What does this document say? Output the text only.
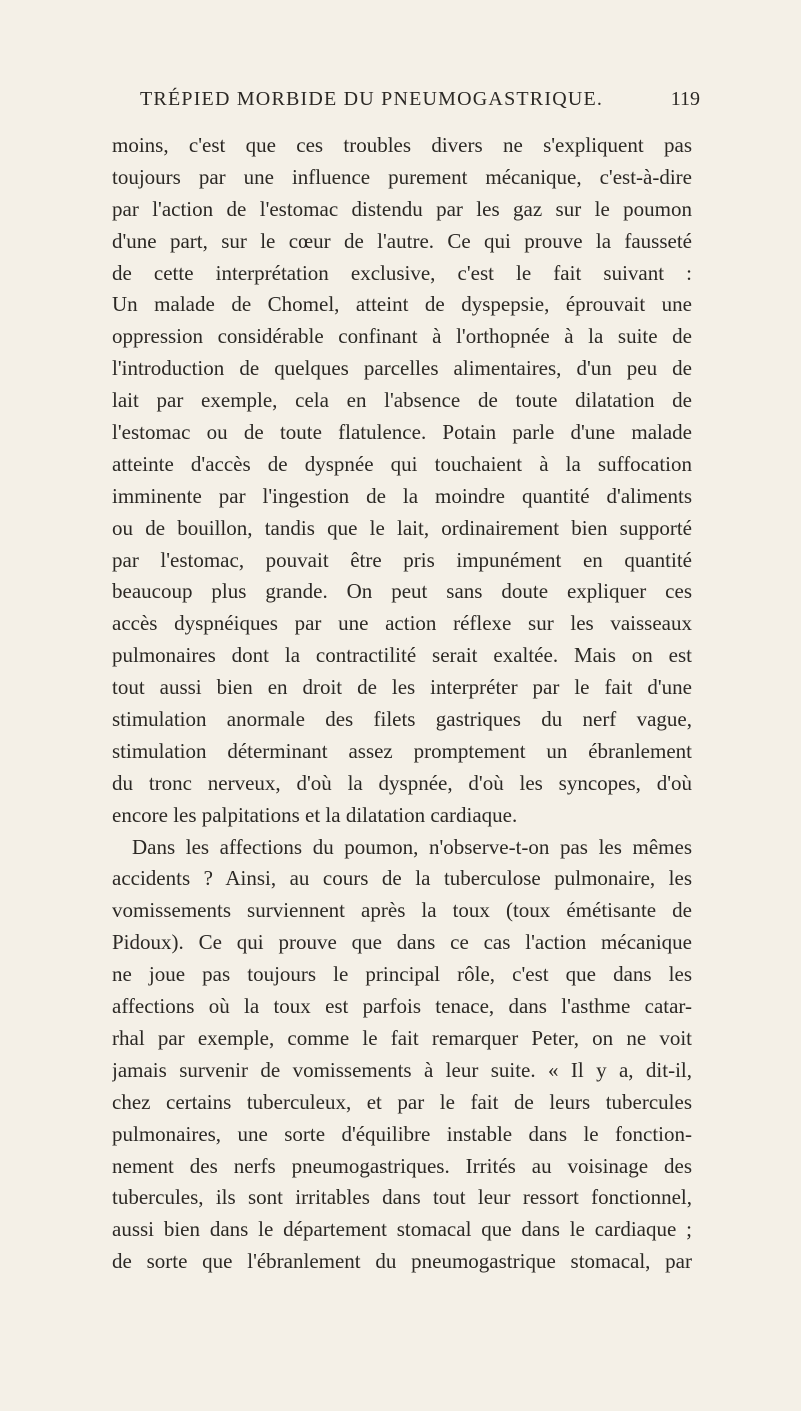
TRÉPIED MORBIDE DU PNEUMOGASTRIQUE.	119
moins, c'est que ces troubles divers ne s'expliquent pas
toujours par une influence purement mécanique, c'est-à-dire
par l'action de l'estomac distendu par les gaz sur le poumon
d'une part, sur le cœur de l'autre. Ce qui prouve la fausseté
de cette interprétation exclusive, c'est le fait suivant :
Un malade de Chomel, atteint de dyspepsie, éprouvait une
oppression considérable confinant à l'orthopnée à la suite de
l'introduction de quelques parcelles alimentaires, d'un peu de
lait par exemple, cela en l'absence de toute dilatation de
l'estomac ou de toute flatulence. Potain parle d'une malade
atteinte d'accès de dyspnée qui touchaient à la suffocation
imminente par l'ingestion de la moindre quantité d'aliments
ou de bouillon, tandis que le lait, ordinairement bien supporté
par l'estomac, pouvait être pris impunément en quantité
beaucoup plus grande. On peut sans doute expliquer ces
accès dyspnéiques par une action réflexe sur les vaisseaux
pulmonaires dont la contractilité serait exaltée. Mais on est
tout aussi bien en droit de les interpréter par le fait d'une
stimulation anormale des filets gastriques du nerf vague,
stimulation déterminant assez promptement un ébranlement
du tronc nerveux, d'où la dyspnée, d'où les syncopes, d'où
encore les palpitations et la dilatation cardiaque.
Dans les affections du poumon, n'observe-t-on pas les mêmes
accidents ? Ainsi, au cours de la tuberculose pulmonaire, les
vomissements surviennent après la toux (toux émétisante de
Pidoux). Ce qui prouve que dans ce cas l'action mécanique
ne joue pas toujours le principal rôle, c'est que dans les
affections où la toux est parfois tenace, dans l'asthme catar-
rhal par exemple, comme le fait remarquer Peter, on ne voit
jamais survenir de vomissements à leur suite. « Il y a, dit-il,
chez certains tuberculeux, et par le fait de leurs tubercules
pulmonaires, une sorte d'équilibre instable dans le fonction-
nement des nerfs pneumogastriques. Irrités au voisinage des
tubercules, ils sont irritables dans tout leur ressort fonctionnel,
aussi bien dans le département stomacal que dans le cardiaque ;
de sorte que l'ébranlement du pneumogastrique stomacal, par
